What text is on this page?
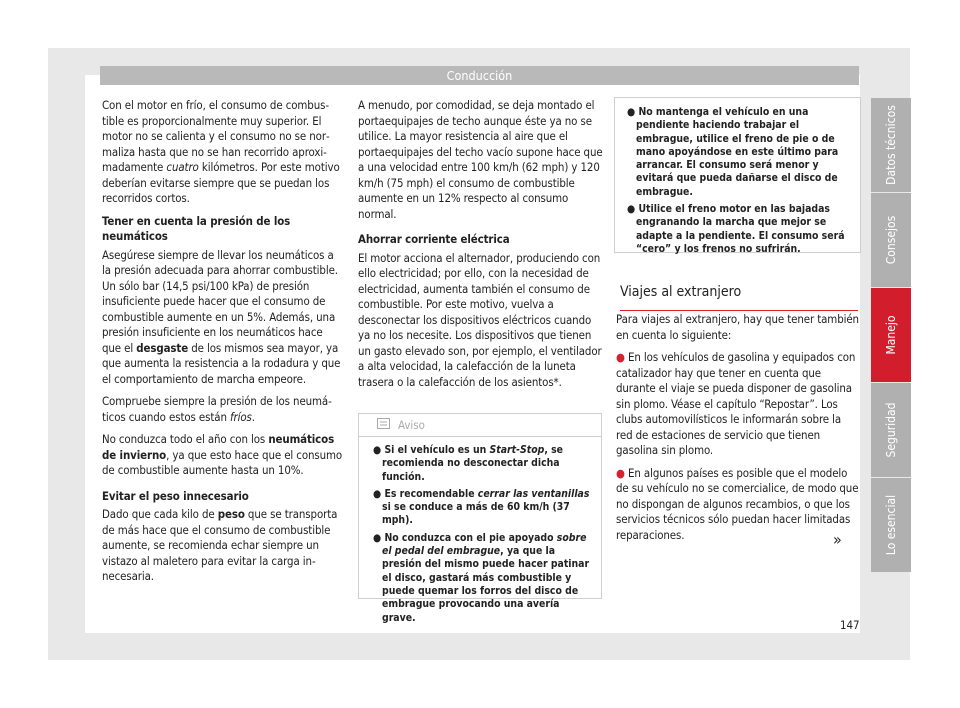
Conducción

Con el motor en frío, el consumo de combustible es proporcionalmente muy superior. El motor no se calienta y el consumo no se normaliza hasta que no se han recorrido aproximadamente cuatro kilómetros. Por este motivo deberían evitarse siempre que se puedan los recorridos cortos.

Tener en cuenta la presión de los neumáticos

Asegúrese siempre de llevar los neumáticos a la presión adecuada para ahorrar combustible. Un sólo bar (14,5 psi/100 kPa) de presión insuficiente puede hacer que el consumo de combustible aumente en un 5%. Además, una presión insuficiente en los neumáticos hace que el desgaste de los mismos sea mayor, ya que aumenta la resistencia a la rodadura y que el comportamiento de marcha empeore.

Compruebe siempre la presión de los neumáticos cuando estos están fríos.

No conduzca todo el año con los neumáticos de invierno, ya que esto hace que el consumo de combustible aumente hasta un 10%.

Evitar el peso innecesario

Dado que cada kilo de peso que se transporta de más hace que el consumo de combustible aumente, se recomienda echar siempre un vistazo al maletero para evitar la carga innecesaria.

A menudo, por comodidad, se deja montado el portaequipajes de techo aunque éste ya no se utilice. La mayor resistencia al aire que el portaequipajes del techo vacío supone hace que a una velocidad entre 100 km/h (62 mph) y 120 km/h (75 mph) el consumo de combustible aumente en un 12% respecto al consumo normal.

Ahorrar corriente eléctrica

El motor acciona el alternador, produciendo con ello electricidad; por ello, con la necesidad de electricidad, aumenta también el consumo de combustible. Por este motivo, vuelva a desconectar los dispositivos eléctricos cuando ya no los necesite. Los dispositivos que tienen un gasto elevado son, por ejemplo, el ventilador a alta velocidad, la calefacción de la luneta trasera o la calefacción de los asientos*.

Aviso
● Si el vehículo es un Start-Stop, se recomienda no desconectar dicha función.
● Es recomendable cerrar las ventanillas si se conduce a más de 60 km/h (37 mph).
● No conduzca con el pie apoyado sobre el pedal del embrague, ya que la presión del mismo puede hacer patinar el disco, gastará más combustible y puede quemar los forros del disco de embrague provocando una avería grave.
● No mantenga el vehículo en una pendiente haciendo trabajar el embrague, utilice el freno de pie o de mano apoyándose en este último para arrancar. El consumo será menor y evitará que pueda dañarse el disco de embrague.
● Utilice el freno motor en las bajadas engranando la marcha que mejor se adapte a la pendiente. El consumo será “cero” y los frenos no sufrirán.
Viajes al extranjero

Para viajes al extranjero, hay que tener también en cuenta lo siguiente:

● En los vehículos de gasolina y equipados con catalizador hay que tener en cuenta que durante el viaje se pueda disponer de gasolina sin plomo. Véase el capítulo “Repostar”. Los clubs automovilísticos le informarán sobre la red de estaciones de servicio que tienen gasolina sin plomo.

● En algunos países es posible que el modelo de su vehículo no se comercialice, de modo que no dispongan de algunos recambios, o que los servicios técnicos sólo puedan hacer limitadas reparaciones.	»
Datos técnicos
Consejos
Manejo
Seguridad
Lo esencial
147
